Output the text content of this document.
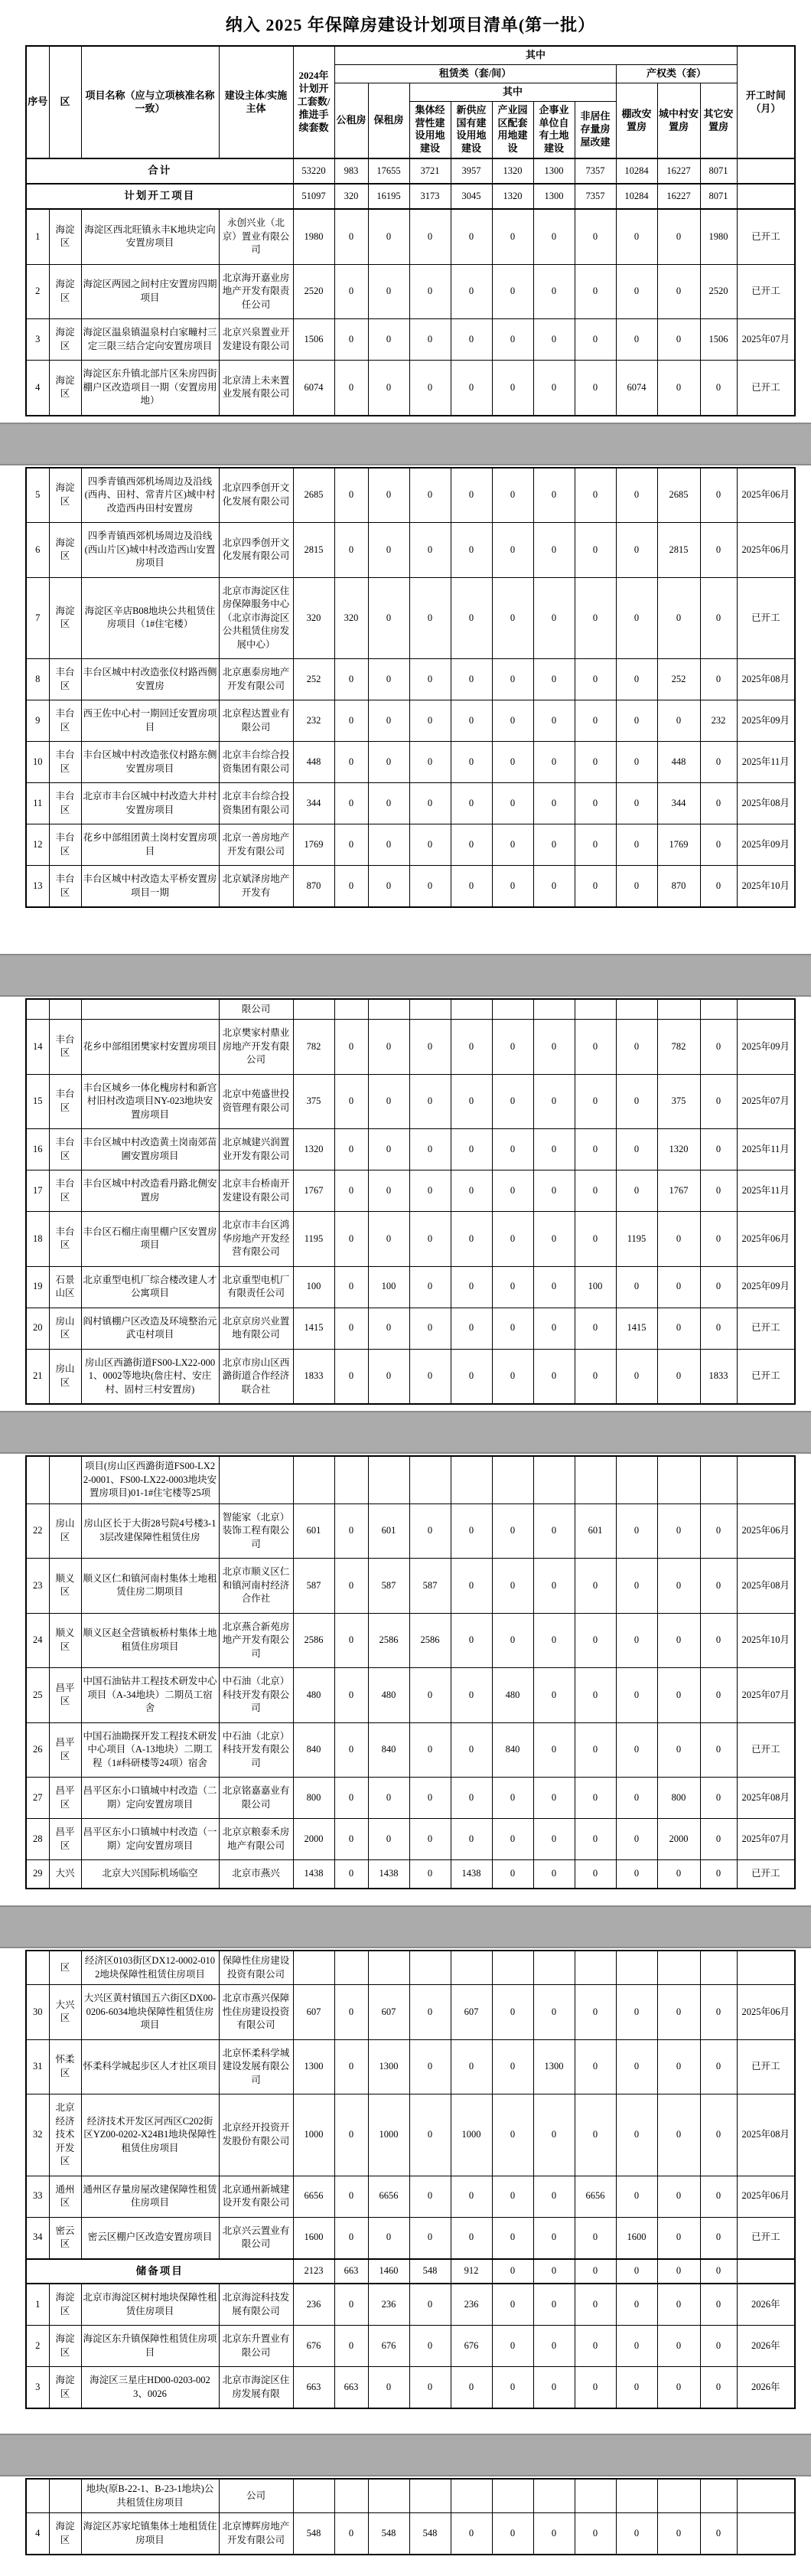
纳入 2025 年保障房建设计划项目清单(第一批）
序号	区	项目名称（应与立项核准名称一致）	建设主体/实施主体	2024年计划开工套数/推进手续套数	其中										开工时间（月）
					租赁类（套/间）							产权类（套）			
					公租房	保租房	其中					棚改安置房	城中村安置房	其它安置房	
							集体经营性建设用地建设	新供应国有建设用地建设	产业园区配套用地建设	企事业单位自有土地建设	非居住存量房屋改建				
合计				53220	983	17655	3721	3957	1320	1300	7357	10284	16227	8071	
计划开工项目				51097	320	16195	3173	3045	1320	1300	7357	10284	16227	8071	
1	海淀区	海淀区西北旺镇永丰K地块定向安置房项目	永创兴业（北京）置业有限公司	1980	0	0	0	0	0	0	0	0	0	1980	已开工
2	海淀区	海淀区两园之间村庄安置房四期项目	北京海开嘉业房地产开发有限责任公司	2520	0	0	0	0	0	0	0	0	0	2520	已开工
3	海淀区	海淀区温泉镇温泉村白家疃村三定三限三结合定向安置房项目	北京兴泉置业开发建设有限公司	1506	0	0	0	0	0	0	0	0	0	1506	2025年07月
4	海淀区	海淀区东升镇北部片区朱房四街棚户区改造项目一期（安置房用地）	北京清上未来置业发展有限公司	6074	0	0	0	0	0	0	0	6074	0	0	已开工
5	海淀区	四季青镇西郊机场周边及沿线(西冉、田村、常青片区)城中村改造西冉田村安置房	北京四季创开文化发展有限公司	2685	0	0	0	0	0	0	0	0	2685	0	2025年06月
6	海淀区	四季青镇西郊机场周边及沿线(西山片区)城中村改造西山安置房项目	北京四季创开文化发展有限公司	2815	0	0	0	0	0	0	0	0	2815	0	2025年06月
7	海淀区	海淀区辛店B08地块公共租赁住房项目（1#住宅楼）	北京市海淀区住房保障服务中心（北京市海淀区公共租赁住房发展中心）	320	320	0	0	0	0	0	0	0	0	0	已开工
8	丰台区	丰台区城中村改造张仪村路西侧安置房	北京惠泰房地产开发有限公司	252	0	0	0	0	0	0	0	0	252	0	2025年08月
9	丰台区	西王佐中心村一期回迁安置房项目	北京程达置业有限公司	232	0	0	0	0	0	0	0	0	0	232	2025年09月
10	丰台区	丰台区城中村改造张仪村路东侧安置房项目	北京丰台综合投资集团有限公司	448	0	0	0	0	0	0	0	0	448	0	2025年11月
11	丰台区	北京市丰台区城中村改造大井村安置房项目	北京丰台综合投资集团有限公司	344	0	0	0	0	0	0	0	0	344	0	2025年08月
12	丰台区	花乡中部组团黄土岗村安置房项目	北京一善房地产开发有限公司	1769	0	0	0	0	0	0	0	0	1769	0	2025年09月
13	丰台区	丰台区城中村改造太平桥安置房项目一期	北京斌泽房地产开发有	870	0	0	0	0	0	0	0	0	870	0	2025年10月
			限公司												
14	丰台区	花乡中部组团樊家村安置房项目	北京樊家村鼎业房地产开发有限公司	782	0	0	0	0	0	0	0	0	782	0	2025年09月
15	丰台区	丰台区城乡一体化槐房村和新宫村旧村改造项目NY-023地块安置房项目	北京中苑盛世投资管理有限公司	375	0	0	0	0	0	0	0	0	375	0	2025年07月
16	丰台区	丰台区城中村改造黄土岗南郊苗圃安置房项目	北京城建兴润置业开发有限公司	1320	0	0	0	0	0	0	0	0	1320	0	2025年11月
17	丰台区	丰台区城中村改造看丹路北侧安置房	北京丰台桥南开发建设有限公司	1767	0	0	0	0	0	0	0	0	1767	0	2025年11月
18	丰台区	丰台区石榴庄南里棚户区安置房项目	北京市丰台区鸿华房地产开发经营有限公司	1195	0	0	0	0	0	0	0	1195	0	0	2025年06月
19	石景山区	北京重型电机厂综合楼改建人才公寓项目	北京重型电机厂有限责任公司	100	0	100	0	0	0	0	100	0	0	0	2025年09月
20	房山区	阎村镇棚户区改造及环境整治元武屯村项目	北京京房兴业置地有限公司	1415	0	0	0	0	0	0	0	1415	0	0	已开工
21	房山区	房山区西潞街道FS00-LX22-0001、0002等地块(詹庄村、安庄村、固村三村安置房)	北京市房山区西潞街道合作经济联合社	1833	0	0	0	0	0	0	0	0	0	1833	已开工
		项目(房山区西潞街道FS00-LX22-0001、FS00-LX22-0003地块安置房项目)01-1#住宅楼等25项													
22	房山区	房山区长于大街28号院4号楼3-13层改建保障性租赁住房	智能家（北京）装饰工程有限公司	601	0	601	0	0	0	0	601	0	0	0	2025年06月
23	顺义区	顺义区仁和镇河南村集体土地租赁住房二期项目	北京市顺义区仁和镇河南村经济合作社	587	0	587	587	0	0	0	0	0	0	0	2025年08月
24	顺义区	顺义区赵全营镇板桥村集体土地租赁住房项目	北京燕合新苑房地产开发有限公司	2586	0	2586	2586	0	0	0	0	0	0	0	2025年10月
25	昌平区	中国石油钻井工程技术研发中心项目（A-34地块）二期员工宿舍	中石油（北京）科技开发有限公司	480	0	480	0	0	480	0	0	0	0	0	2025年07月
26	昌平区	中国石油勘探开发工程技术研发中心项目（A-13地块）二期工程（1#科研楼等24项）宿舍	中石油（北京）科技开发有限公司	840	0	840	0	0	840	0	0	0	0	0	已开工
27	昌平区	昌平区东小口镇城中村改造（二期）定向安置房项目	北京铭嘉嘉业有限公司	800	0	0	0	0	0	0	0	0	800	0	2025年08月
28	昌平区	昌平区东小口镇城中村改造（一期）定向安置房项目	北京京粮泰禾房地产有限公司	2000	0	0	0	0	0	0	0	0	2000	0	2025年07月
29	大兴	北京大兴国际机场临空	北京市燕兴	1438	0	1438	0	1438	0	0	0	0	0	0	已开工
	区	经济区0103街区DX12-0002-0102地块保障性租赁住房项目	保障性住房建设投资有限公司												
30	大兴区	大兴区黄村镇国五六街区DX00-0206-6034地块保障性租赁住房项目	北京市燕兴保障性住房建设投资有限公司	607	0	607	0	607	0	0	0	0	0	0	2025年06月
31	怀柔区	怀柔科学城起步区人才社区项目	北京怀柔科学城建设发展有限公司	1300	0	1300	0	0	0	1300	0	0	0	0	已开工
32	北京经济技术开发区	经济技术开发区河西区C202街区YZ00-0202-X24B1地块保障性租赁住房项目	北京经开投资开发股份有限公司	1000	0	1000	0	1000	0	0	0	0	0	0	2025年08月
33	通州区	通州区存量房屋改建保障性租赁住房项目	北京通州新城建设开发有限公司	6656	0	6656	0	0	0	0	6656	0	0	0	2025年06月
34	密云区	密云区棚户区改造安置房项目	北京兴云置业有限公司	1600	0	0	0	0	0	0	0	1600	0	0	已开工
储备项目				2123	663	1460	548	912	0	0	0	0	0	0	
1	海淀区	北京市海淀区树村地块保障性租赁住房项目	北京海淀科技发展有限公司	236	0	236	0	236	0	0	0	0	0	0	2026年
2	海淀区	海淀区东升镇保障性租赁住房项目	北京东升置业有限公司	676	0	676	0	676	0	0	0	0	0	0	2026年
3	海淀区	海淀区三星庄HD00-0203-0023、0026	北京市海淀区住房发展有限	663	663	0	0	0	0	0	0	0	0	0	2026年
		地块(原B-22-1、B-23-1地块)公共租赁住房项目	公司												
4	海淀区	海淀区苏家坨镇集体土地租赁住房项目	北京博辉房地产开发有限公司	548	0	548	548	0	0	0	0	0	0	0	
